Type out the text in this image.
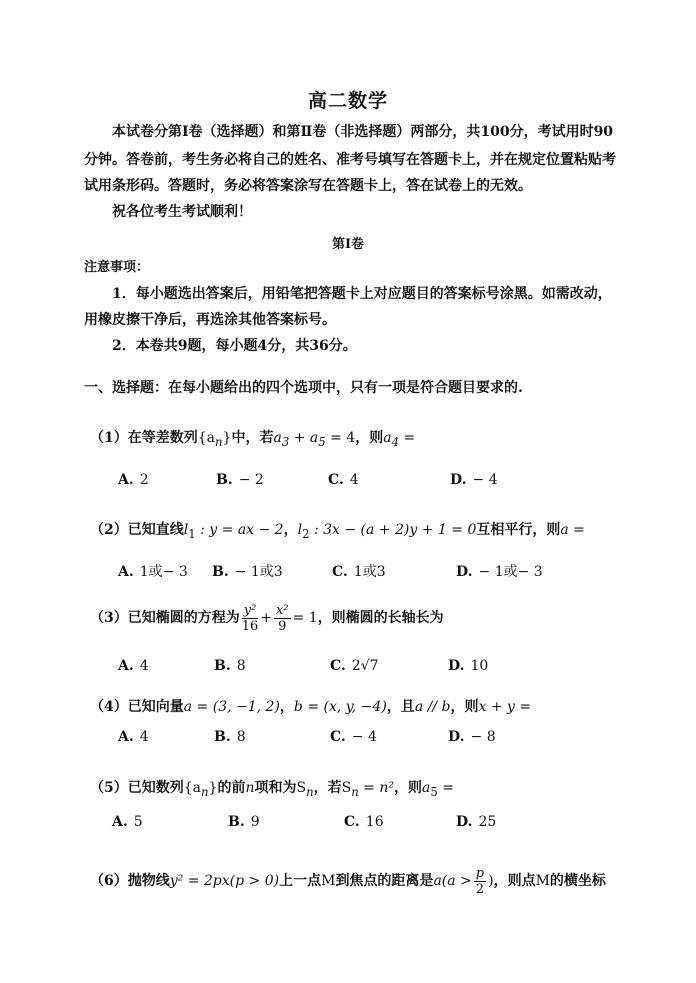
高二数学
本试卷分第Ⅰ卷（选择题）和第Ⅱ卷（非选择题）两部分，共100分，考试用时90
分钟。答卷前，考生务必将自己的姓名、准考号填写在答题卡上，并在规定位置粘贴考
试用条形码。答题时，务必将答案涂写在答题卡上，答在试卷上的无效。
祝各位考生考试顺利！
第Ⅰ卷
注意事项：
1．每小题选出答案后，用铅笔把答题卡上对应题目的答案标号涂黑。如需改动，
用橡皮擦干净后，再选涂其他答案标号。
2．本卷共9题，每小题4分，共36分。
一、选择题：在每小题给出的四个选项中，只有一项是符合题目要求的.
（1）在等差数列$\{a_n\}$中，若$a_3 + a_5 = 4$，则$a_4$ =
A. 2	B. − 2	C. 4	D. − 4
（2）已知直线$l_1$ : y = ax − 2，$l_2$ : 3x − (a + 2)y + 1 = 0互相平行，则a =
A. 1或− 3 B. − 1或3	C. 1或3	D. − 1或− 3
（3）已知椭圆的方程为 $\frac{\text{y²}}{16} + \frac{\text{x²}}{9} = 1$，则椭圆的长轴长为
A. 4	B. 8	C. 2√7	D. 10
（4）已知向量a = (3, −1, 2)，b = (x, y, −4)，且a // b，则x + y =
A. 4	B. 8	C. − 4	D. − 8
（5）已知数列$\{a_n\}$的前n项和为$S_n$，若$S_n = n^2$，则$a_5$ =
A. 5	B. 9	C. 16	D. 25
（6）抛物线y² = 2px(p > 0)上一点M到焦点的距离是$a(a > \frac{p}{2}$ )，则点M的横坐标
